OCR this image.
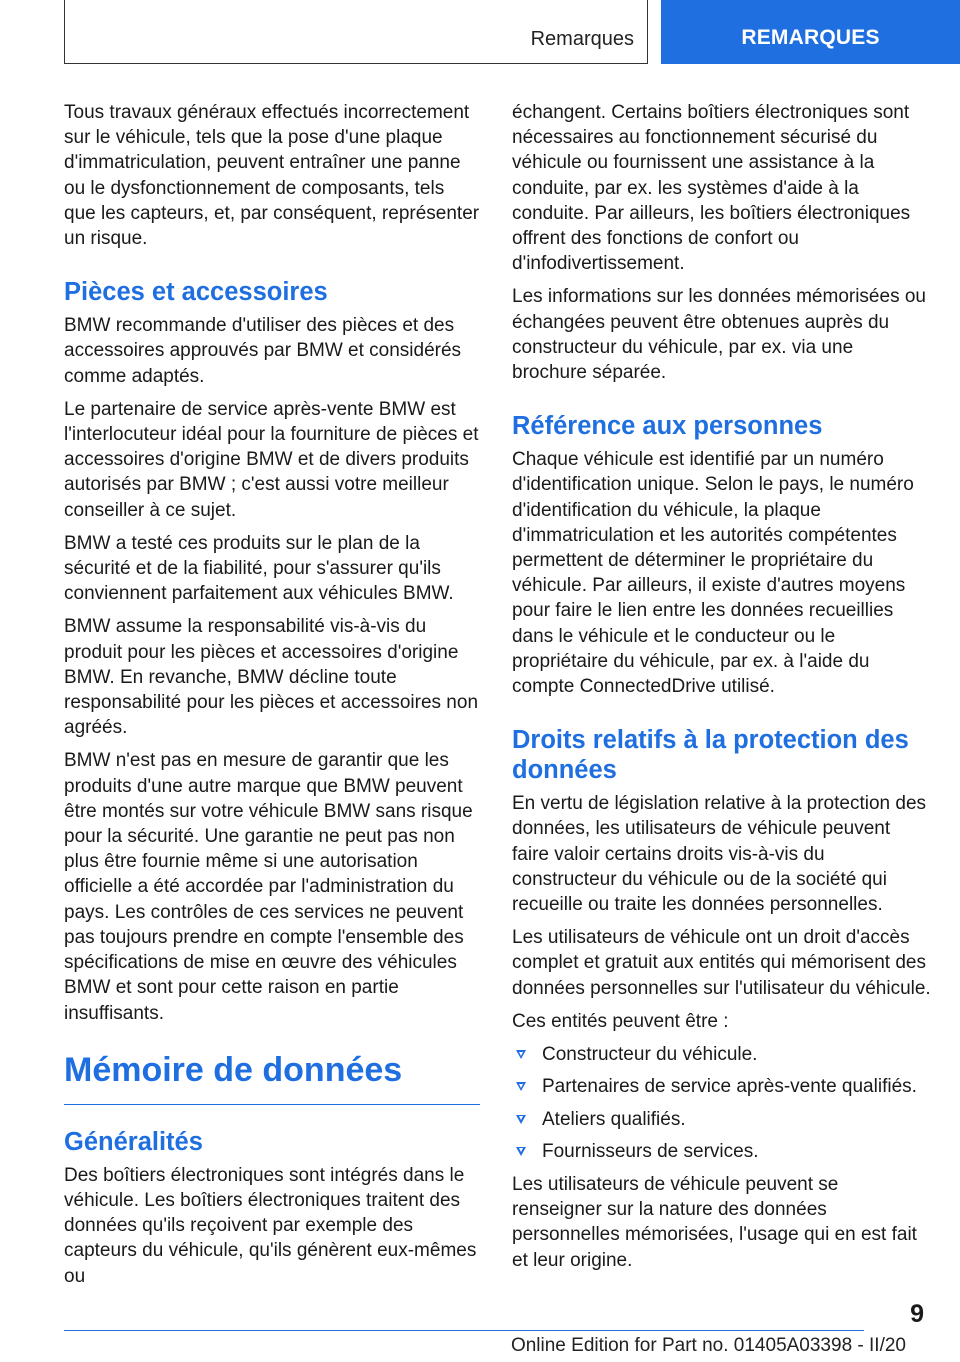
Remarques	REMARQUES

Tous travaux généraux effectués incorrectement sur le véhicule, tels que la pose d'une plaque d'immatriculation, peuvent entraîner une panne ou le dysfonctionnement de composants, tels que les capteurs, et, par conséquent, représenter un risque.

Pièces et accessoires

BMW recommande d'utiliser des pièces et des accessoires approuvés par BMW et considérés comme adaptés.

Le partenaire de service après-vente BMW est l'interlocuteur idéal pour la fourniture de pièces et accessoires d'origine BMW et de divers produits autorisés par BMW ; c'est aussi votre meilleur conseiller à ce sujet.

BMW a testé ces produits sur le plan de la sécurité et de la fiabilité, pour s'assurer qu'ils conviennent parfaitement aux véhicules BMW.

BMW assume la responsabilité vis-à-vis du produit pour les pièces et accessoires d'origine BMW. En revanche, BMW décline toute responsabilité pour les pièces et accessoires non agréés.

BMW n'est pas en mesure de garantir que les produits d'une autre marque que BMW peuvent être montés sur votre véhicule BMW sans risque pour la sécurité. Une garantie ne peut pas non plus être fournie même si une autorisation officielle a été accordée par l'administration du pays. Les contrôles de ces services ne peuvent pas toujours prendre en compte l'ensemble des spécifications de mise en œuvre des véhicules BMW et sont pour cette raison en partie insuffisants.

Mémoire de données
Généralités

Des boîtiers électroniques sont intégrés dans le véhicule. Les boîtiers électroniques traitent des données qu'ils reçoivent par exemple des capteurs du véhicule, qu'ils génèrent eux-mêmes ou

échangent. Certains boîtiers électroniques sont nécessaires au fonctionnement sécurisé du véhicule ou fournissent une assistance à la conduite, par ex. les systèmes d'aide à la conduite. Par ailleurs, les boîtiers électroniques offrent des fonctions de confort ou d'infodivertissement.

Les informations sur les données mémorisées ou échangées peuvent être obtenues auprès du constructeur du véhicule, par ex. via une brochure séparée.

Référence aux personnes

Chaque véhicule est identifié par un numéro d'identification unique. Selon le pays, le numéro d'identification du véhicule, la plaque d'immatriculation et les autorités compétentes permettent de déterminer le propriétaire du véhicule. Par ailleurs, il existe d'autres moyens pour faire le lien entre les données recueillies dans le véhicule et le conducteur ou le propriétaire du véhicule, par ex. à l'aide du compte ConnectedDrive utilisé.

Droits relatifs à la protection des données

En vertu de législation relative à la protection des données, les utilisateurs de véhicule peuvent faire valoir certains droits vis-à-vis du constructeur du véhicule ou de la société qui recueille ou traite les données personnelles.

Les utilisateurs de véhicule ont un droit d'accès complet et gratuit aux entités qui mémorisent des données personnelles sur l'utilisateur du véhicule.

Ces entités peuvent être :

Constructeur du véhicule.
Partenaires de service après-vente qualifiés.
Ateliers qualifiés.
Fournisseurs de services.

Les utilisateurs de véhicule peuvent se renseigner sur la nature des données personnelles mémorisées, l'usage qui en est fait et leur origine.

9
Online Edition for Part no. 01405A03398 - II/20
